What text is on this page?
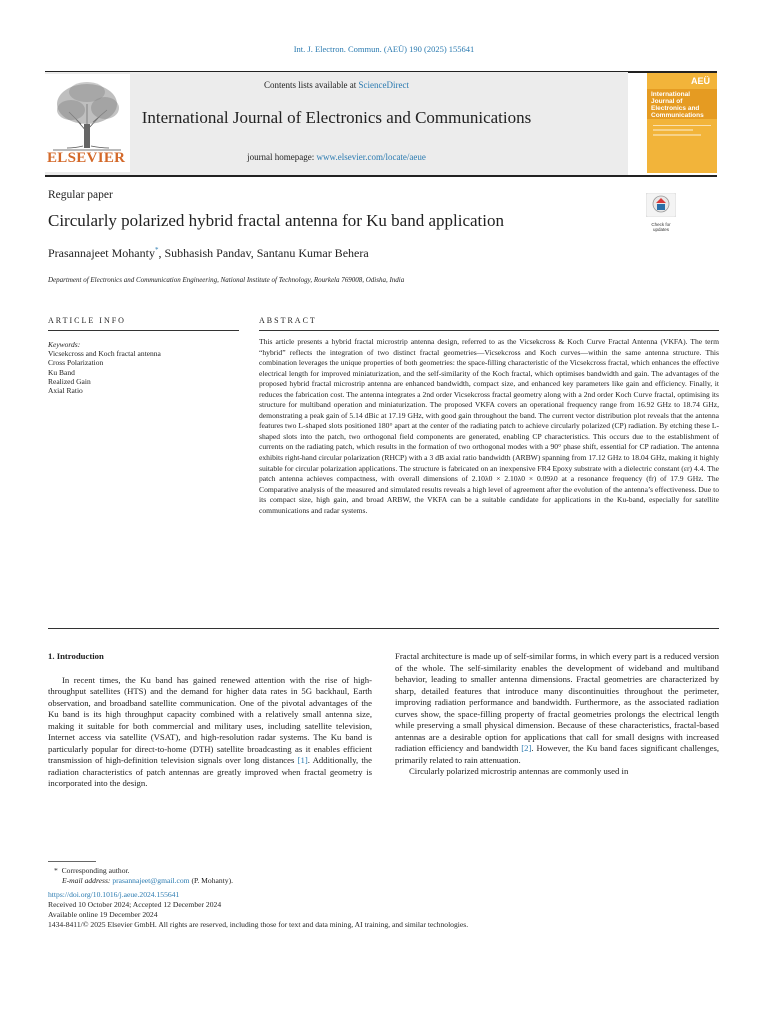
Int. J. Electron. Commun. (AEÜ) 190 (2025) 155641
ELSEVIER
Contents lists available at ScienceDirect
International Journal of Electronics and Communications
journal homepage: www.elsevier.com/locate/aeue
AEÜ
International Journal of Electronics and Communications
Regular paper
Circularly polarized hybrid fractal antenna for Ku band application	Check for updates
Prasannajeet Mohanty*, Subhasish Pandav, Santanu Kumar Behera
Department of Electronics and Communication Engineering, National Institute of Technology, Rourkela 769008, Odisha, India
ARTICLE INFO	ABSTRACT
Keywords:
Vicsekcross and Koch fractal antenna
Cross Polarization
Ku Band
Realized Gain
Axial Ratio
This article presents a hybrid fractal microstrip antenna design, referred to as the Vicsekcross & Koch Curve Fractal Antenna (VKFA). The term “hybrid” reflects the integration of two distinct fractal geometries—Vicsekcross and Koch curves—within the same antenna structure. This combination leverages the unique properties of both geometries: the space-filling characteristic of the Vicsekcross fractal, which enhances the effective electrical length for improved miniaturization, and the self-similarity of the Koch fractal, which optimises bandwidth and gain. The advantages of the proposed hybrid fractal microstrip antenna are enhanced bandwidth, compact size, and enhanced key parameters like gain and efficiency. Finally, it reduces the fabrication cost. The antenna integrates a 2nd order Vicsekcross fractal geometry along with a 2nd order Koch Curve fractal, optimising its structure for multiband operation and miniaturization. The proposed VKFA covers an operational frequency range from 16.92 GHz to 18.74 GHz, demonstrating a peak gain of 5.14 dBic at 17.19 GHz, with good gain throughout the band. The current vector distribution plot reveals that the antenna features two L-shaped slots positioned 180° apart at the center of the radiating patch to achieve circularly polarized (CP) radiation. By etching these L-shaped slots into the patch, two orthogonal field components are generated, enabling CP characteristics. This occurs due to the establishment of currents on the radiating patch, which results in the formation of two orthogonal modes with a 90° phase shift, essential for CP radiation. The antenna exhibits right-hand circular polarization (RHCP) with a 3 dB axial ratio bandwidth (ARBW) spanning from 17.12 GHz to 18.04 GHz, making it highly suitable for circular polarization applications. The structure is fabricated on an inexpensive FR4 Epoxy substrate with a dielectric constant (εr) 4.4. The patch antenna achieves compactness, with overall dimensions of 2.10λ0 × 2.10λ0 × 0.09λ0 at a resonance frequency (fr) of 17.9 GHz. The Comparative analysis of the measured and simulated results reveals a high level of agreement after the evolution of the antenna’s effectiveness. Due to its compact size, high gain, and broad ARBW, the VKFA can be a suitable candidate for applications in the Ku-band, especially for satellite communications and radar systems.

1. Introduction

In recent times, the Ku band has gained renewed attention with the rise of high-throughput satellites (HTS) and the demand for higher data rates in 5G backhaul, Earth observation, and broadband satellite communication. One of the pivotal advantages of the Ku band is its high throughput capacity combined with a relatively small antenna size, making it suitable for both commercial and military uses, including satellite television, Internet access via satellite (VSAT), and high-resolution radar systems. The Ku band is particularly popular for direct-to-home (DTH) satellite broadcasting as it enables efficient transmission of high-definition television signals over long distances [1]. Additionally, the radiation characteristics of patch antennas are greatly improved when fractal geometry is incorporated into the design.

Fractal architecture is made up of self-similar forms, in which every part is a reduced version of the whole. The self-similarity enables the development of wideband and multiband behavior, leading to smaller antenna dimensions. Fractal geometries are characterized by sharp, detailed features that introduce many discontinuities throughout the perimeter, improving radiation performance and bandwidth. Furthermore, as the associated radiation curves show, the space-filling property of fractal geometries prolongs the electrical length while preserving a small physical dimension. Because of these characteristics, fractal-based antennas are a desirable option for applications that call for small designs with increased radiation efficiency and bandwidth [2]. However, the Ku band faces significant challenges, primarily related to rain attenuation.

Circularly polarized microstrip antennas are commonly used in

* Corresponding author.
E-mail address: prasannajeet@gmail.com (P. Mohanty).
https://doi.org/10.1016/j.aeue.2024.155641
Received 10 October 2024; Accepted 12 December 2024
Available online 19 December 2024
1434-8411/© 2025 Elsevier GmbH. All rights are reserved, including those for text and data mining, AI training, and similar technologies.
